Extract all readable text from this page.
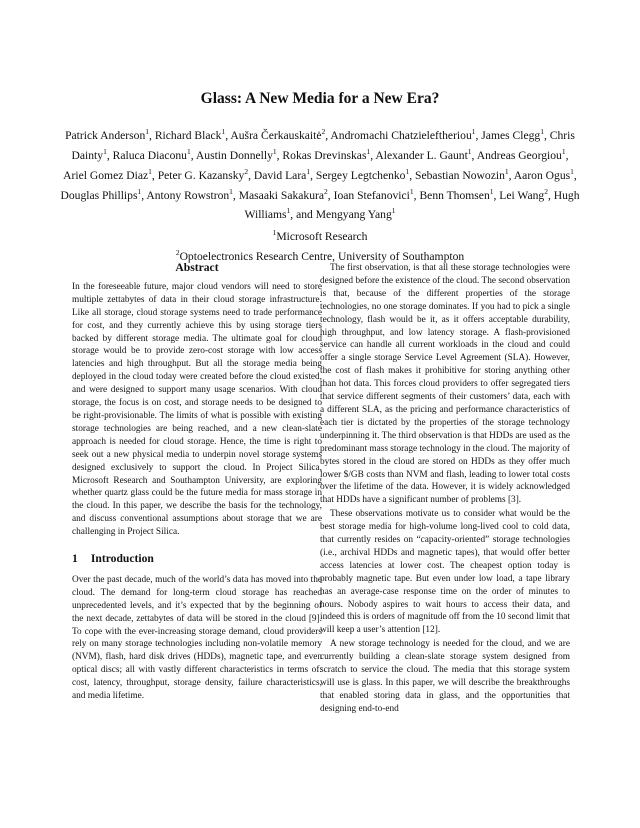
Glass: A New Media for a New Era?
Patrick Anderson$^1$, Richard Black$^1$, Aušra Čerkauskaitė$^2$, Andromachi Chatzieleftheriou$^1$, James Clegg$^1$, Chris Dainty$^1$, Raluca Diaconu$^1$, Austin Donnelly$^1$, Rokas Drevinskas$^1$, Alexander L. Gaunt$^1$, Andreas Georgiou$^1$, Ariel Gomez Diaz$^1$, Peter G. Kazansky$^2$, David Lara$^1$, Sergey Legtchenko$^1$, Sebastian Nowozin$^1$, Aaron Ogus$^1$, Douglas Phillips$^1$, Antony Rowstron$^1$, Masaaki Sakakura$^2$, Ioan Stefanovici$^1$, Benn Thomsen$^1$, Lei Wang$^2$, Hugh Williams$^1$, and Mengyang Yang$^1$
$^1$Microsoft Research
$^2$Optoelectronics Research Centre, University of Southampton
Abstract

In the foreseeable future, major cloud vendors will need to store multiple zettabytes of data in their cloud storage infrastructure. Like all storage, cloud storage systems need to trade performance for cost, and they currently achieve this by using storage tiers backed by different storage media. The ultimate goal for cloud storage would be to provide zero-cost storage with low access latencies and high throughput. But all the storage media being deployed in the cloud today were created before the cloud existed, and were designed to support many usage scenarios. With cloud storage, the focus is on cost, and storage needs to be designed to be right-provisionable. The limits of what is possible with existing storage technologies are being reached, and a new clean-slate approach is needed for cloud storage. Hence, the time is right to seek out a new physical media to underpin novel storage systems designed exclusively to support the cloud. In Project Silica, Microsoft Research and Southampton University, are exploring whether quartz glass could be the future media for mass storage in the cloud. In this paper, we describe the basis for the technology, and discuss conventional assumptions about storage that we are challenging in Project Silica.

1 Introduction

Over the past decade, much of the world’s data has moved into the cloud. The demand for long-term cloud storage has reached unprecedented levels, and it’s expected that by the beginning of the next decade, zettabytes of data will be stored in the cloud [9]. To cope with the ever-increasing storage demand, cloud providers rely on many storage technologies including non-volatile memory (NVM), flash, hard disk drives (HDDs), magnetic tape, and even optical discs; all with vastly different characteristics in terms of: cost, latency, throughput, storage density, failure characteristics, and media lifetime.

The first observation, is that all these storage technologies were designed before the existence of the cloud. The second observation is that, because of the different properties of the storage technologies, no one storage dominates. If you had to pick a single technology, flash would be it, as it offers acceptable durability, high throughput, and low latency storage. A flash-provisioned service can handle all current workloads in the cloud and could offer a single storage Service Level Agreement (SLA). However, the cost of flash makes it prohibitive for storing anything other than hot data. This forces cloud providers to offer segregated tiers that service different segments of their customers’ data, each with a different SLA, as the pricing and performance characteristics of each tier is dictated by the properties of the storage technology underpinning it. The third observation is that HDDs are used as the predominant mass storage technology in the cloud. The majority of bytes stored in the cloud are stored on HDDs as they offer much lower $/GB costs than NVM and flash, leading to lower total costs over the lifetime of the data. However, it is widely acknowledged that HDDs have a significant number of problems [3].

These observations motivate us to consider what would be the best storage media for high-volume long-lived cool to cold data, that currently resides on “capacity-oriented” storage technologies (i.e., archival HDDs and magnetic tapes), that would offer better access latencies at lower cost. The cheapest option today is probably magnetic tape. But even under low load, a tape library has an average-case response time on the order of minutes to hours. Nobody aspires to wait hours to access their data, and indeed this is orders of magnitude off from the 10 second limit that will keep a user’s attention [12].

A new storage technology is needed for the cloud, and we are currently building a clean-slate storage system designed from scratch to service the cloud. The media that this storage system will use is glass. In this paper, we will describe the breakthroughs that enabled storing data in glass, and the opportunities that designing end-to-end
